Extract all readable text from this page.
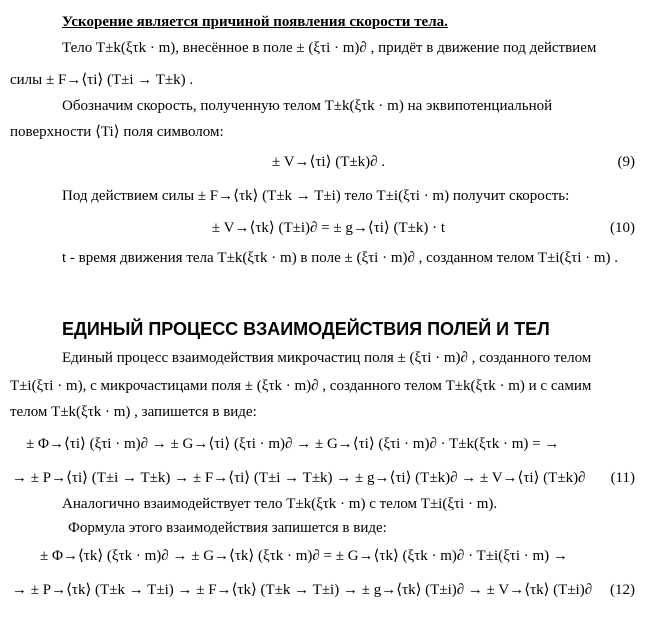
Ускорение является причиной появления скорости тела.
Тело T±k(ξτk · m), внесённое в поле ± (ξτi · m)∂ , придёт в движение под действием
силы ± F→⟨τi⟩ (T±i → T±k) .
Обозначим скорость, полученную телом T±k(ξτk · m) на эквипотенциальной
поверхности ⟨Ti⟩ поля символом:
± V→⟨τi⟩ (T±k)∂ .	(9)
Под действием силы ± F→⟨τk⟩ (T±k → T±i) тело T±i(ξτi · m) получит скорость:
± V→⟨τk⟩ (T±i)∂ = ± g→⟨τi⟩ (T±k) · t	(10)
t - время движения тела T±k(ξτk · m) в поле ± (ξτi · m)∂ , созданном телом T±i(ξτi · m) .
ЕДИНЫЙ ПРОЦЕСС ВЗАИМОДЕЙСТВИЯ ПОЛЕЙ И ТЕЛ
Единый процесс взаимодействия микрочастиц поля ± (ξτi · m)∂ , созданного телом
T±i(ξτi · m), с микрочастицами поля ± (ξτk · m)∂ , созданного телом T±k(ξτk · m) и с самим
телом T±k(ξτk · m) , запишется в виде:
± Φ→⟨τi⟩ (ξτi · m)∂ → ± G→⟨τi⟩ (ξτi · m)∂ → ± G→⟨τi⟩ (ξτi · m)∂ · T±k(ξτk · m) = →
→ ± P→⟨τi⟩ (T±i → T±k) → ± F→⟨τi⟩ (T±i → T±k) → ± g→⟨τi⟩ (T±k)∂ → ± V→⟨τi⟩ (T±k)∂ (11)
Аналогично взаимодействует тело T±k(ξτk · m) с телом T±i(ξτi · m).
Формула этого взаимодействия запишется в виде:
± Φ→⟨τk⟩ (ξτk · m)∂ → ± G→⟨τk⟩ (ξτk · m)∂ = ± G→⟨τk⟩ (ξτk · m)∂ · T±i(ξτi · m) →
→ ± P→⟨τk⟩ (T±k → T±i) → ± F→⟨τk⟩ (T±k → T±i) → ± g→⟨τk⟩ (T±i)∂ → ± V→⟨τk⟩ (T±i)∂ (12)
